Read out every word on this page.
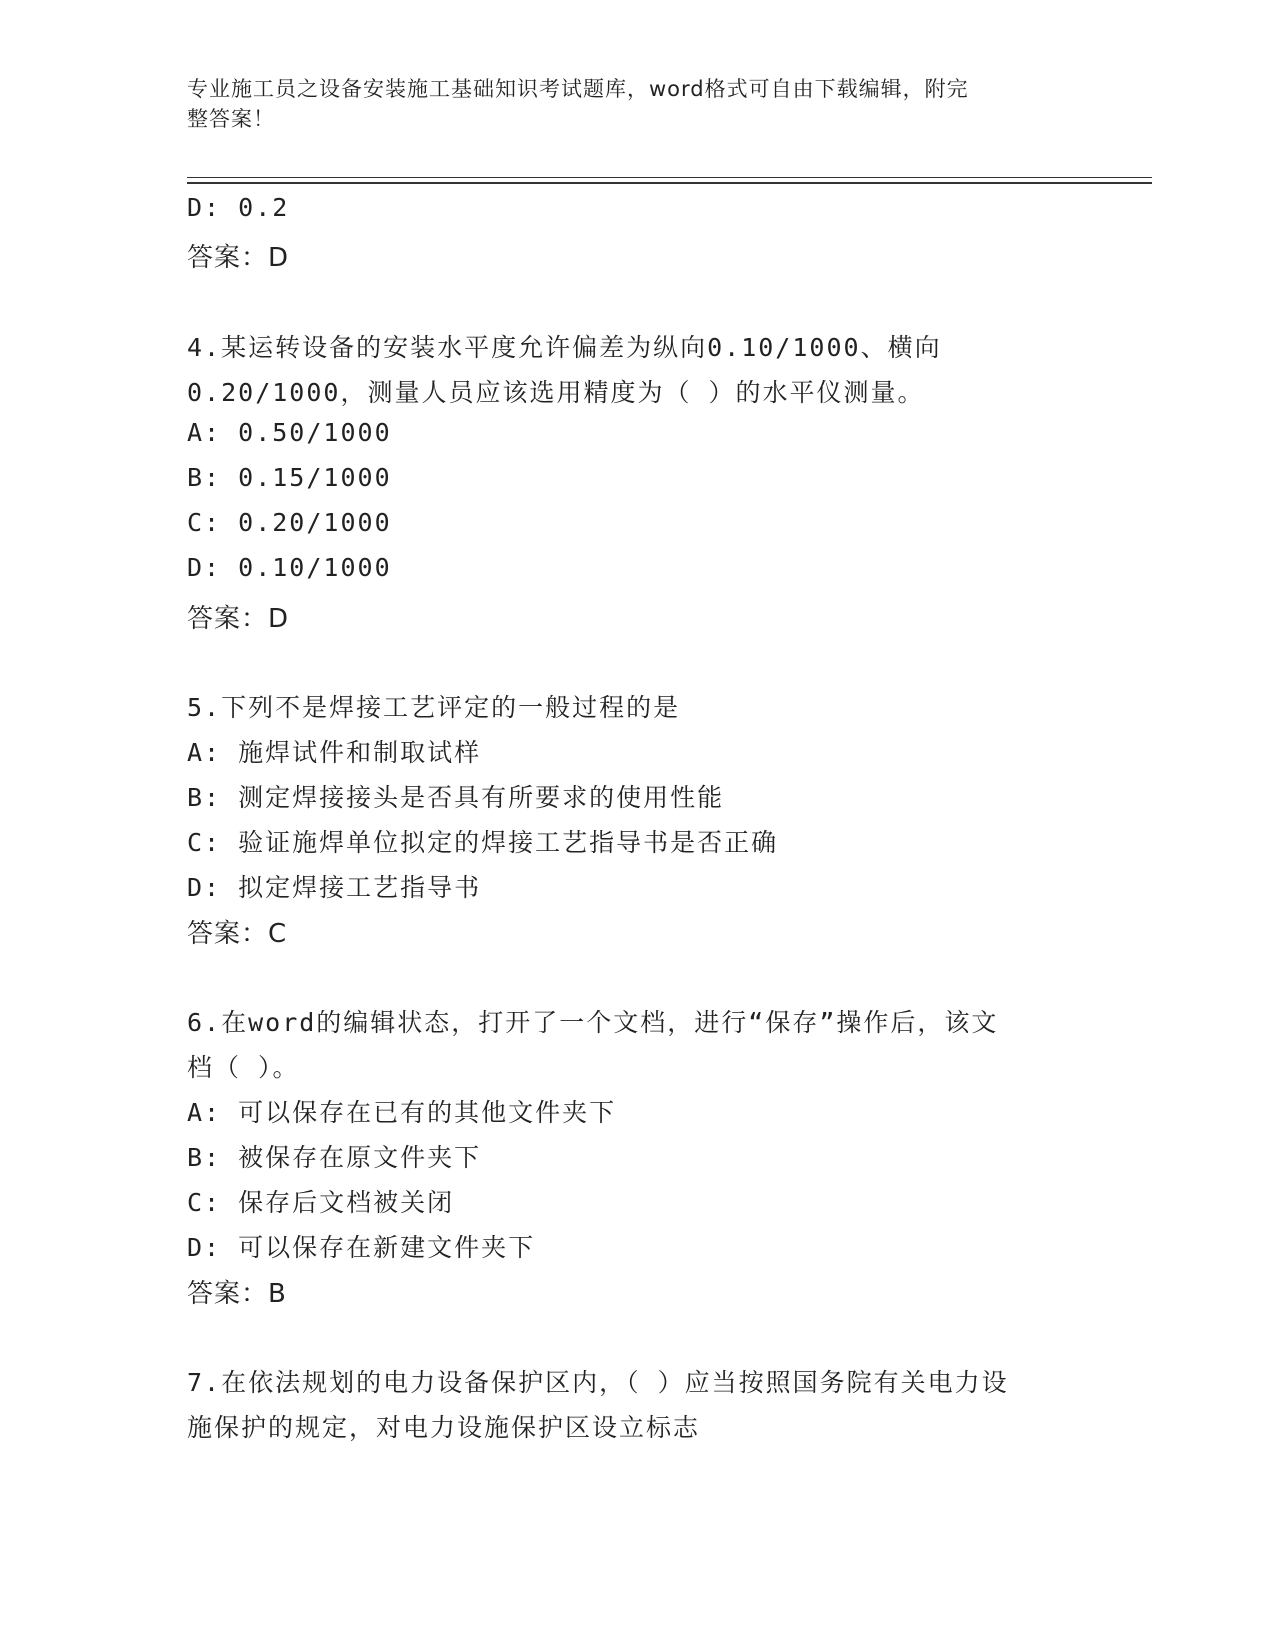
专业施工员之设备安装施工基础知识考试题库，word格式可自由下载编辑，附完
整答案！
D: 0.2
答案：D
4.某运转设备的安装水平度允许偏差为纵向0.10/1000、横向
0.20/1000，测量人员应该选用精度为（ ）的水平仪测量。
A: 0.50/1000
B: 0.15/1000
C: 0.20/1000
D: 0.10/1000
答案：D
5.下列不是焊接工艺评定的一般过程的是
A: 施焊试件和制取试样
B: 测定焊接接头是否具有所要求的使用性能
C: 验证施焊单位拟定的焊接工艺指导书是否正确
D: 拟定焊接工艺指导书
答案：C
6.在word的编辑状态，打开了一个文档，进行“保存”操作后，该文
档（ ）。
A: 可以保存在已有的其他文件夹下
B: 被保存在原文件夹下
C: 保存后文档被关闭
D: 可以保存在新建文件夹下
答案：B
7.在依法规划的电力设备保护区内，（ ）应当按照国务院有关电力设
施保护的规定，对电力设施保护区设立标志
